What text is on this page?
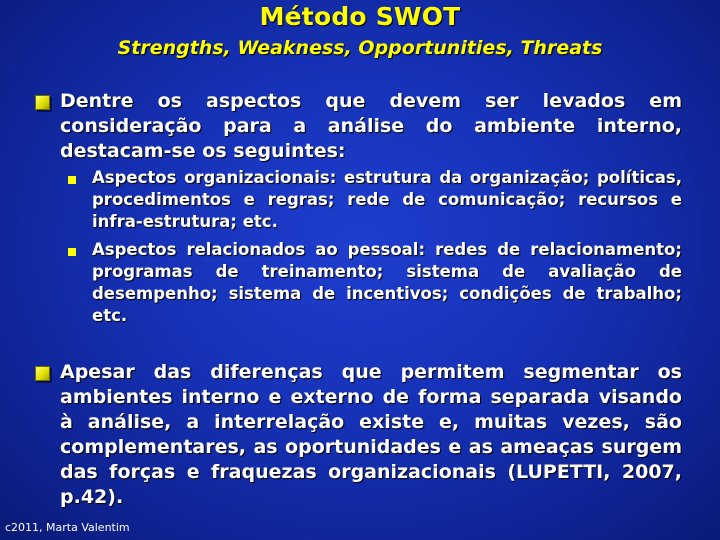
Método SWOT
Strengths, Weakness, Opportunities, Threats
Dentre os aspectos que devem ser levados em consideração para a análise do ambiente interno, destacam-se os seguintes:
Aspectos organizacionais: estrutura da organização; políticas, procedimentos e regras; rede de comunicação; recursos e infra-estrutura; etc.
Aspectos relacionados ao pessoal: redes de relacionamento; programas de treinamento; sistema de avaliação de desempenho; sistema de incentivos; condições de trabalho; etc.
Apesar das diferenças que permitem segmentar os ambientes interno e externo de forma separada visando à análise, a interrelação existe e, muitas vezes, são complementares, as oportunidades e as ameaças surgem das forças e fraquezas organizacionais (LUPETTI, 2007, p.42).
c2011, Marta Valentim
